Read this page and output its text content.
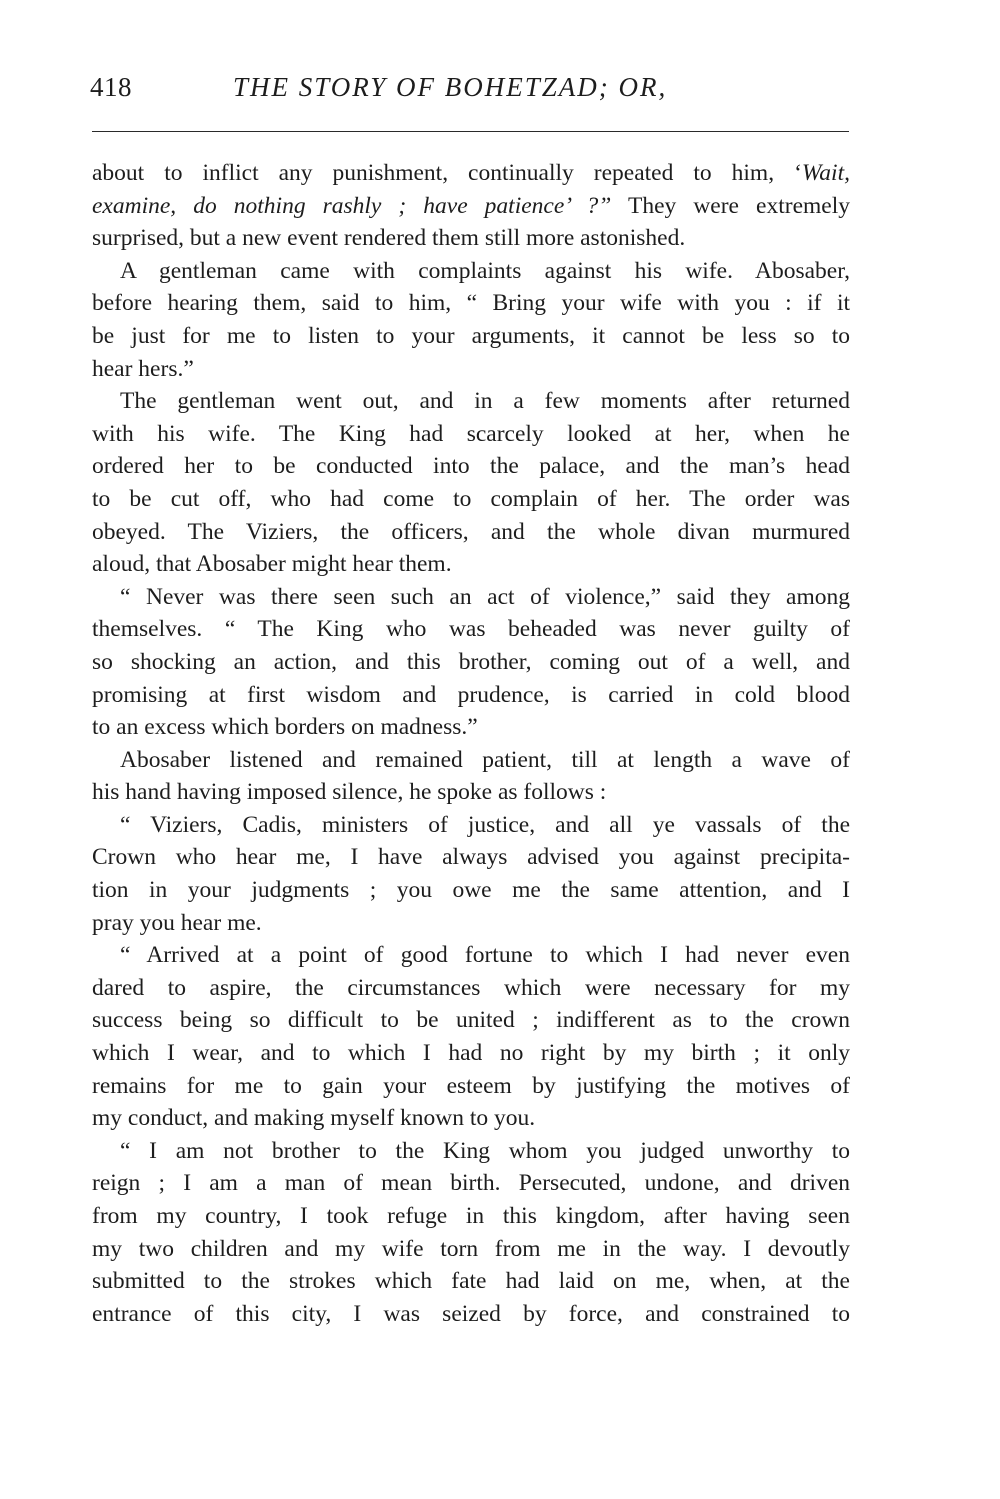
418	THE STORY OF BOHETZAD; OR,
about to inflict any punishment, continually repeated to him, ‘Wait,
examine, do nothing rashly ; have patience’ ?” They were extremely
surprised, but a new event rendered them still more astonished.
A gentleman came with complaints against his wife. Abosaber,
before hearing them, said to him, “ Bring your wife with you : if it
be just for me to listen to your arguments, it cannot be less so to
hear hers.”
The gentleman went out, and in a few moments after returned
with his wife. The King had scarcely looked at her, when he
ordered her to be conducted into the palace, and the man’s head
to be cut off, who had come to complain of her. The order was
obeyed. The Viziers, the officers, and the whole divan murmured
aloud, that Abosaber might hear them.
“ Never was there seen such an act of violence,” said they among
themselves. “ The King who was beheaded was never guilty of
so shocking an action, and this brother, coming out of a well, and
promising at first wisdom and prudence, is carried in cold blood
to an excess which borders on madness.”
Abosaber listened and remained patient, till at length a wave of
his hand having imposed silence, he spoke as follows :
“ Viziers, Cadis, ministers of justice, and all ye vassals of the
Crown who hear me, I have always advised you against precipita-
tion in your judgments ; you owe me the same attention, and I
pray you hear me.
“ Arrived at a point of good fortune to which I had never even
dared to aspire, the circumstances which were necessary for my
success being so difficult to be united ; indifferent as to the crown
which I wear, and to which I had no right by my birth ; it only
remains for me to gain your esteem by justifying the motives of
my conduct, and making myself known to you.
“ I am not brother to the King whom you judged unworthy to
reign ; I am a man of mean birth. Persecuted, undone, and driven
from my country, I took refuge in this kingdom, after having seen
my two children and my wife torn from me in the way. I devoutly
submitted to the strokes which fate had laid on me, when, at the
entrance of this city, I was seized by force, and constrained to
